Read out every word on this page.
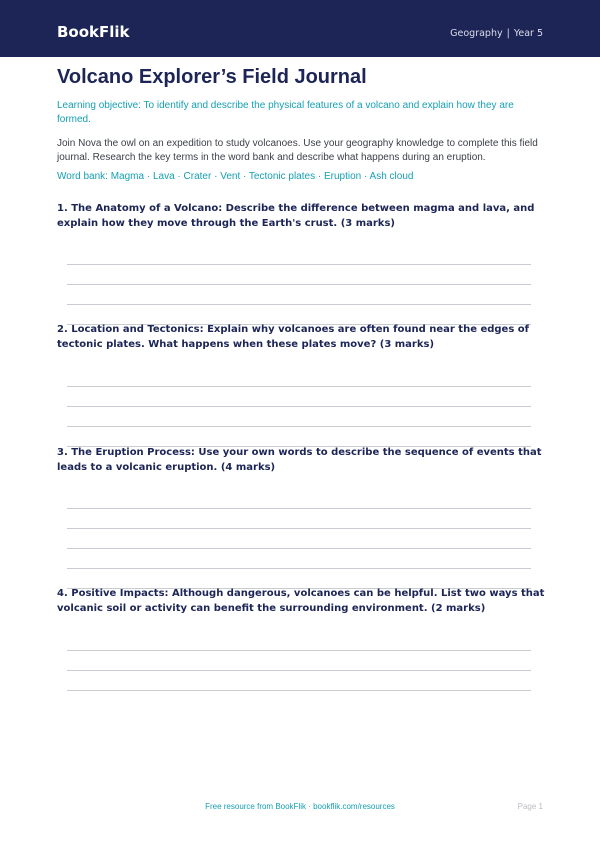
BookFlik	Geography | Year 5
Volcano Explorer’s Field Journal

Learning objective: To identify and describe the physical features of a volcano and explain how they are formed.

Join Nova the owl on an expedition to study volcanoes. Use your geography knowledge to complete this field journal. Research the key terms in the word bank and describe what happens during an eruption.

Word bank: Magma · Lava · Crater · Vent · Tectonic plates · Eruption · Ash cloud

1. The Anatomy of a Volcano: Describe the difference between magma and lava, and explain how they move through the Earth's crust. (3 marks)

2. Location and Tectonics: Explain why volcanoes are often found near the edges of tectonic plates. What happens when these plates move? (3 marks)

3. The Eruption Process: Use your own words to describe the sequence of events that leads to a volcanic eruption. (4 marks)

4. Positive Impacts: Although dangerous, volcanoes can be helpful. List two ways that volcanic soil or activity can benefit the surrounding environment. (2 marks)

Free resource from BookFlik · bookflik.com/resources	Page 1
